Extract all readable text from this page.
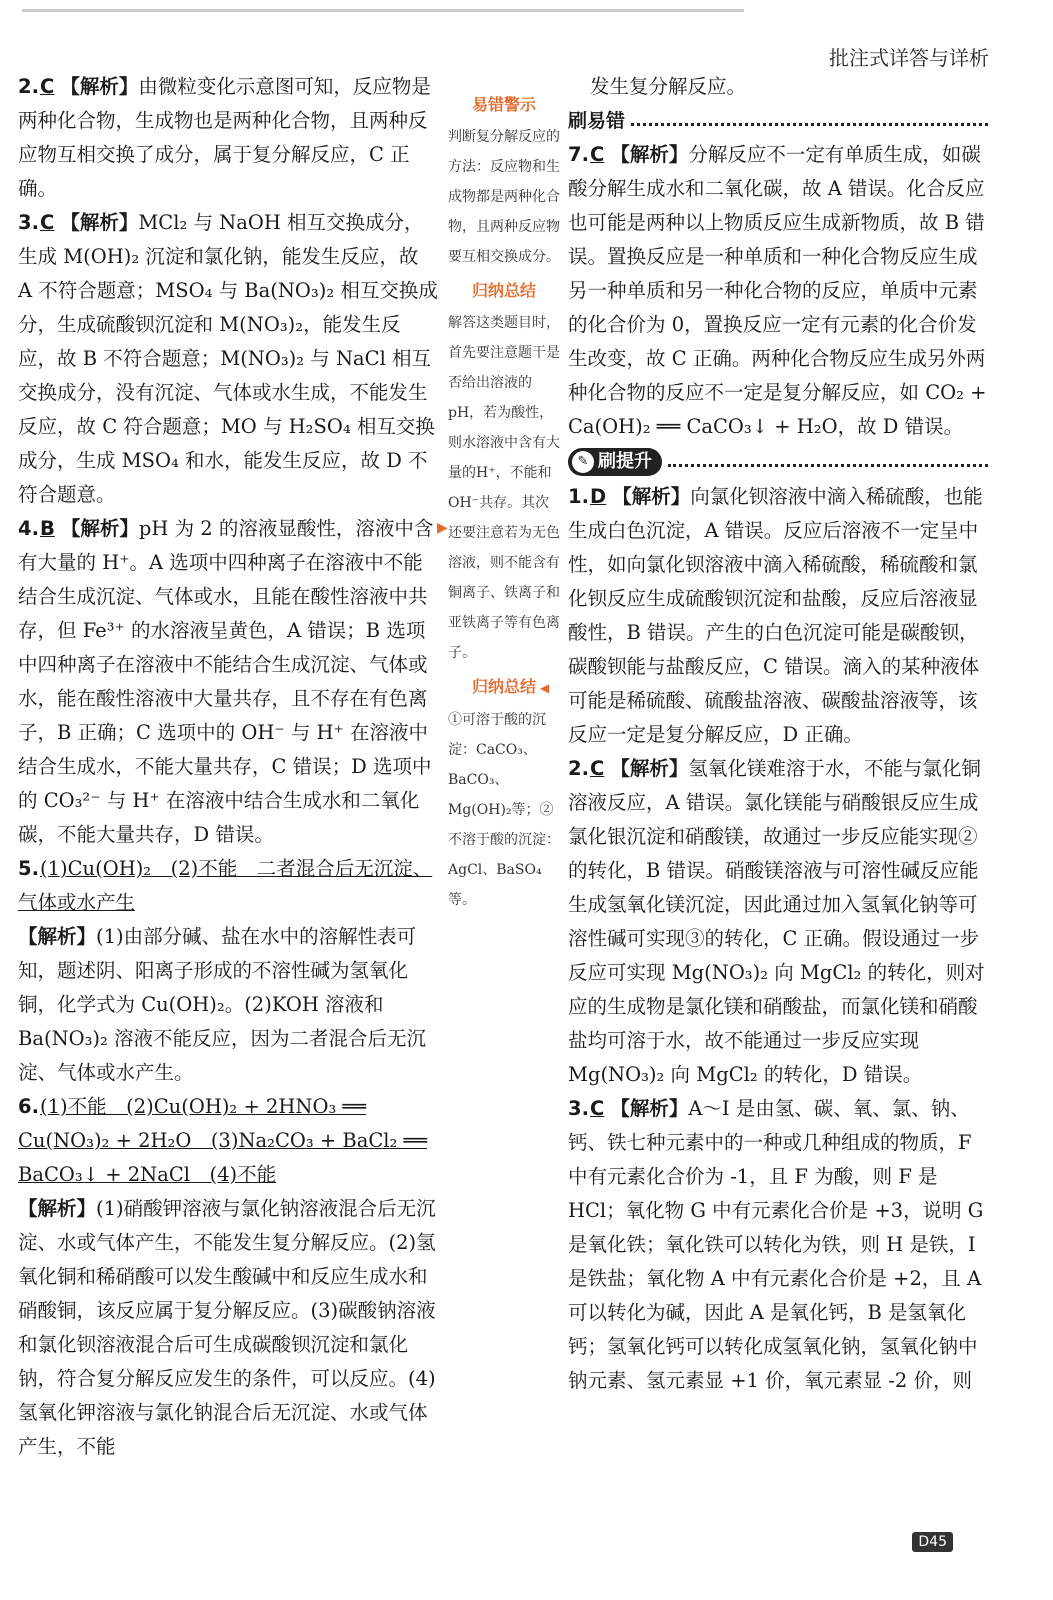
批注式详答与详析

2.C 【解析】由微粒变化示意图可知，反应物是两种化合物，生成物也是两种化合物，且两种反应物互相交换了成分，属于复分解反应，C 正确。

3.C 【解析】MCl₂ 与 NaOH 相互交换成分，生成 M(OH)₂ 沉淀和氯化钠，能发生反应，故 A 不符合题意；MSO₄ 与 Ba(NO₃)₂ 相互交换成分，生成硫酸钡沉淀和 M(NO₃)₂，能发生反应，故 B 不符合题意；M(NO₃)₂ 与 NaCl 相互交换成分，没有沉淀、气体或水生成，不能发生反应，故 C 符合题意；MO 与 H₂SO₄ 相互交换成分，生成 MSO₄ 和水，能发生反应，故 D 不符合题意。

4.B 【解析】pH 为 2 的溶液显酸性，溶液中含有大量的 H⁺。A 选项中四种离子在溶液中不能结合生成沉淀、气体或水，且能在酸性溶液中共存，但 Fe³⁺ 的水溶液呈黄色，A 错误；B 选项中四种离子在溶液中不能结合生成沉淀、气体或水，能在酸性溶液中大量共存，且不存在有色离子，B 正确；C 选项中的 OH⁻ 与 H⁺ 在溶液中结合生成水，不能大量共存，C 错误；D 选项中的 CO₃²⁻ 与 H⁺ 在溶液中结合生成水和二氧化碳，不能大量共存，D 错误。

5.(1)Cu(OH)₂　(2)不能　二者混合后无沉淀、气体或水产生
【解析】(1)由部分碱、盐在水中的溶解性表可知，题述阴、阳离子形成的不溶性碱为氢氧化铜，化学式为 Cu(OH)₂。(2)KOH 溶液和 Ba(NO₃)₂ 溶液不能反应，因为二者混合后无沉淀、气体或水产生。

6.(1)不能　(2)Cu(OH)₂ + 2HNO₃ ══ Cu(NO₃)₂ + 2H₂O　(3)Na₂CO₃ + BaCl₂ ══ BaCO₃↓ + 2NaCl　(4)不能
【解析】(1)硝酸钾溶液与氯化钠溶液混合后无沉淀、水或气体产生，不能发生复分解反应。(2)氢氧化铜和稀硝酸可以发生酸碱中和反应生成水和硝酸铜，该反应属于复分解反应。(3)碳酸钠溶液和氯化钡溶液混合后可生成碳酸钡沉淀和氯化钠，符合复分解反应发生的条件，可以反应。(4)氢氧化钾溶液与氯化钠混合后无沉淀、水或气体产生，不能

▶
易错警示
判断复分解反应的方法：反应物和生成物都是两种化合物，且两种反应物要互相交换成分。
归纳总结
解答这类题目时，首先要注意题干是否给出溶液的pH，若为酸性，则水溶液中含有大量的H⁺，不能和OH⁻共存。其次还要注意若为无色溶液，则不能含有铜离子、铁离子和亚铁离子等有色离子。
归纳总结 ◀
①可溶于酸的沉淀：CaCO₃、BaCO₃、Mg(OH)₂等；②不溶于酸的沉淀：AgCl、BaSO₄ 等。

发生复分解反应。

刷易错

7.C 【解析】分解反应不一定有单质生成，如碳酸分解生成水和二氧化碳，故 A 错误。化合反应也可能是两种以上物质反应生成新物质，故 B 错误。置换反应是一种单质和一种化合物反应生成另一种单质和另一种化合物的反应，单质中元素的化合价为 0，置换反应一定有元素的化合价发生改变，故 C 正确。两种化合物反应生成另外两种化合物的反应不一定是复分解反应，如 CO₂ + Ca(OH)₂ ══ CaCO₃↓ + H₂O，故 D 错误。

✎ 刷提升

1.D 【解析】向氯化钡溶液中滴入稀硫酸，也能生成白色沉淀，A 错误。反应后溶液不一定呈中性，如向氯化钡溶液中滴入稀硫酸，稀硫酸和氯化钡反应生成硫酸钡沉淀和盐酸，反应后溶液显酸性，B 错误。产生的白色沉淀可能是碳酸钡，碳酸钡能与盐酸反应，C 错误。滴入的某种液体可能是稀硫酸、硫酸盐溶液、碳酸盐溶液等，该反应一定是复分解反应，D 正确。

2.C 【解析】氢氧化镁难溶于水，不能与氯化铜溶液反应，A 错误。氯化镁能与硝酸银反应生成氯化银沉淀和硝酸镁，故通过一步反应能实现②的转化，B 错误。硝酸镁溶液与可溶性碱反应能生成氢氧化镁沉淀，因此通过加入氢氧化钠等可溶性碱可实现③的转化，C 正确。假设通过一步反应可实现 Mg(NO₃)₂ 向 MgCl₂ 的转化，则对应的生成物是氯化镁和硝酸盐，而氯化镁和硝酸盐均可溶于水，故不能通过一步反应实现 Mg(NO₃)₂ 向 MgCl₂ 的转化，D 错误。

3.C 【解析】A～I 是由氢、碳、氧、氯、钠、钙、铁七种元素中的一种或几种组成的物质，F 中有元素化合价为 -1，且 F 为酸，则 F 是 HCl；氧化物 G 中有元素化合价是 +3，说明 G 是氧化铁；氧化铁可以转化为铁，则 H 是铁，I 是铁盐；氧化物 A 中有元素化合价是 +2，且 A 可以转化为碱，因此 A 是氧化钙，B 是氢氧化钙；氢氧化钙可以转化成氢氧化钠，氢氧化钠中钠元素、氢元素显 +1 价，氧元素显 -2 价，则

D45
